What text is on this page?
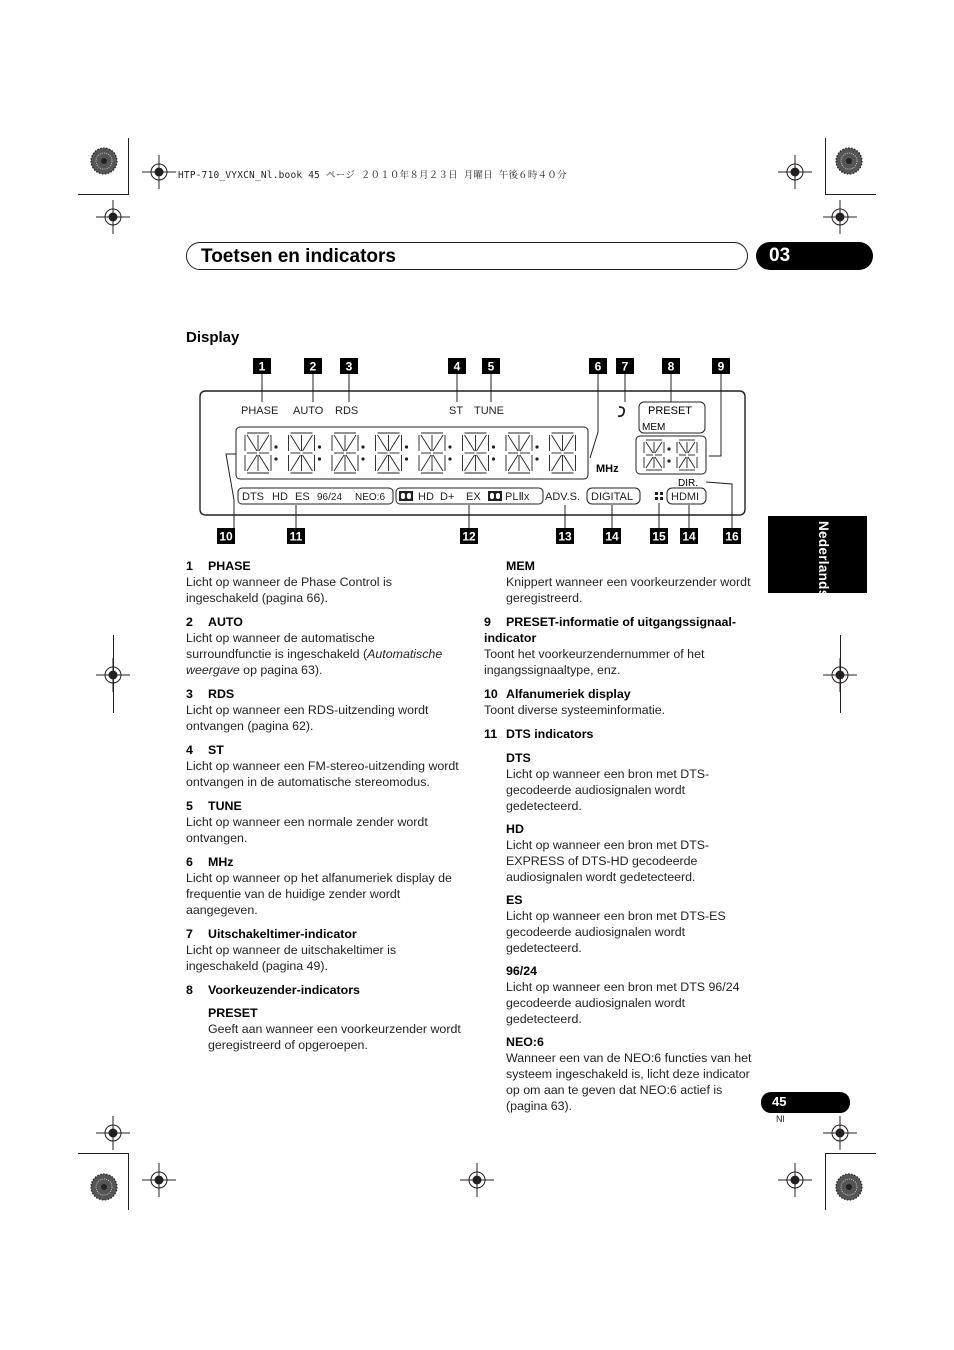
HTP-710_VYXCN_Nl.book 45 ページ ２０１０年８月２３日 月曜日 午後６時４０分
Toetsen en indicators	03
Nederlands
Display
1	2 3	4 5	6 7	8	9
PHASE AUTO RDS	ST TUNE	PRESET
MEM
MHz
DIR.
DTS HD ES 96/24 NEO:6	HD D+ EX PLⅡx ADV.S. DIGITAL	HDMI
10	11	12	13	14	15 14 16

1 PHASE

Licht op wanneer de Phase Control is ingeschakeld (pagina 66).

2 AUTO

Licht op wanneer de automatische surroundfunctie is ingeschakeld (Automatische weergave op pagina 63).

3 RDS

Licht op wanneer een RDS-uitzending wordt ontvangen (pagina 62).

4 ST

Licht op wanneer een FM-stereo-uitzending wordt ontvangen in de automatische stereomodus.

5 TUNE

Licht op wanneer een normale zender wordt ontvangen.

6 MHz

Licht op wanneer op het alfanumeriek display de frequentie van de huidige zender wordt aangegeven.

7 Uitschakeltimer-indicator

Licht op wanneer de uitschakeltimer is ingeschakeld (pagina 49).

8 Voorkeuzender-indicators

PRESET

Geeft aan wanneer een voorkeurzender wordt geregistreerd of opgeroepen.

MEM

Knippert wanneer een voorkeurzender wordt geregistreerd.

9 PRESET-informatie of uitgangssignaal-indicator

Toont het voorkeurzendernummer of het ingangssignaaltype, enz.

10 Alfanumeriek display

Toont diverse systeeminformatie.

11 DTS indicators

DTS

Licht op wanneer een bron met DTS-gecodeerde audiosignalen wordt gedetecteerd.

HD

Licht op wanneer een bron met DTS-EXPRESS of DTS-HD gecodeerde audiosignalen wordt gedetecteerd.

ES

Licht op wanneer een bron met DTS-ES gecodeerde audiosignalen wordt gedetecteerd.

96/24

Licht op wanneer een bron met DTS 96/24 gecodeerde audiosignalen wordt gedetecteerd.

NEO:6

Wanneer een van de NEO:6 functies van het systeem ingeschakeld is, licht deze indicator op om aan te geven dat NEO:6 actief is (pagina 63).	45
Nl
